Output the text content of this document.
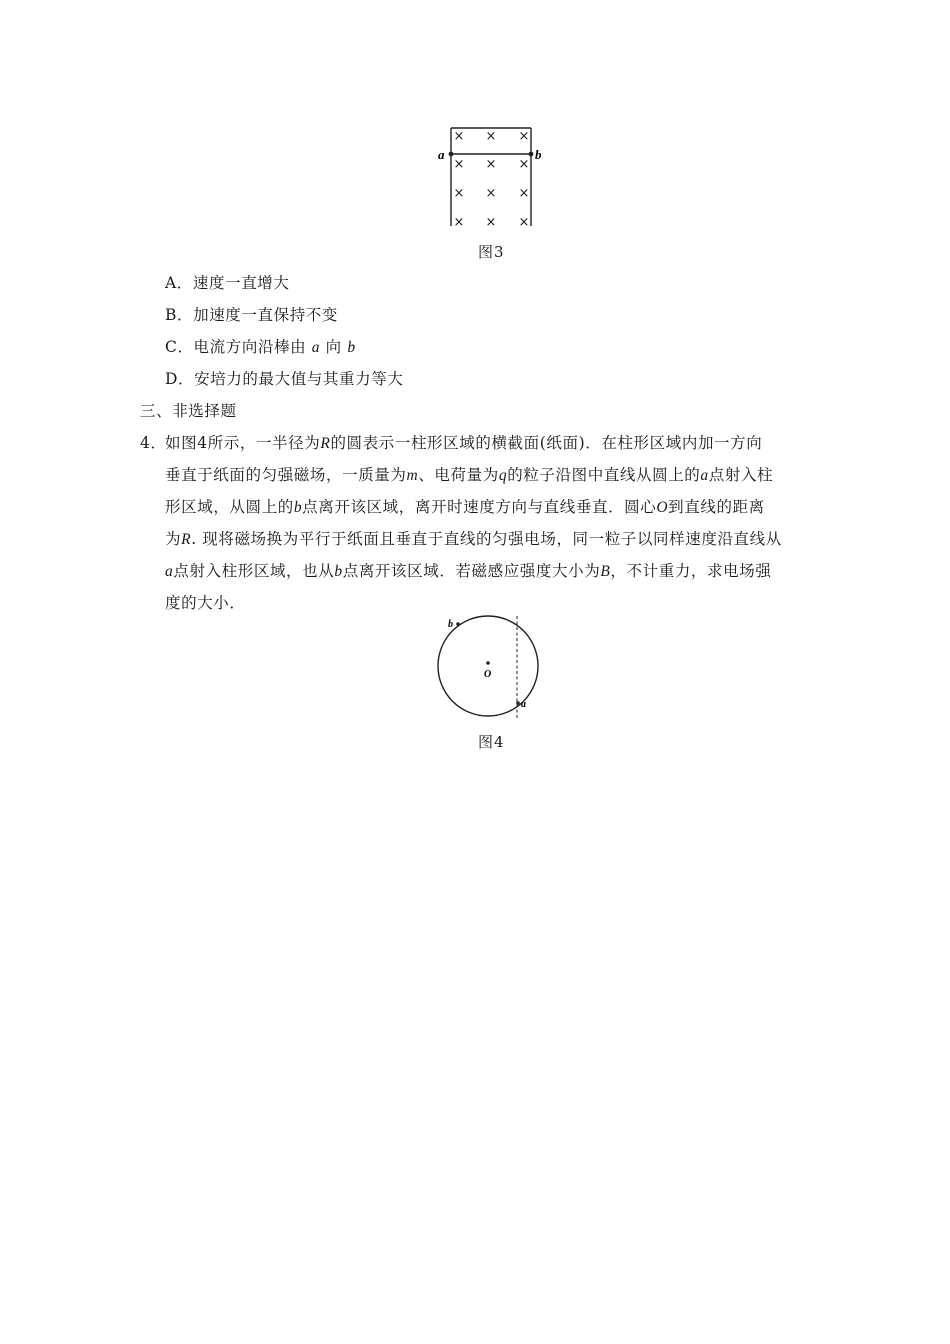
a	b
× × ×
× × ×
× × ×
× × ×
图3
A．速度一直增大
B．加速度一直保持不变
C．电流方向沿棒由 a 向 b
D．安培力的最大值与其重力等大
三、非选择题
4．
如图4所示，一半径为R的圆表示一柱形区域的横截面(纸面)．在柱形区域内加一方向
垂直于纸面的匀强磁场，一质量为m、电荷量为q的粒子沿图中直线从圆上的a点射入柱
形区域，从圆上的b点离开该区域，离开时速度方向与直线垂直．圆心O到直线的距离
为R. 现将磁场换为平行于纸面且垂直于直线的匀强电场，同一粒子以同样速度沿直线从
a点射入柱形区域，也从b点离开该区域．若磁感应强度大小为B，不计重力，求电场强
度的大小．
b
O
a
图4
